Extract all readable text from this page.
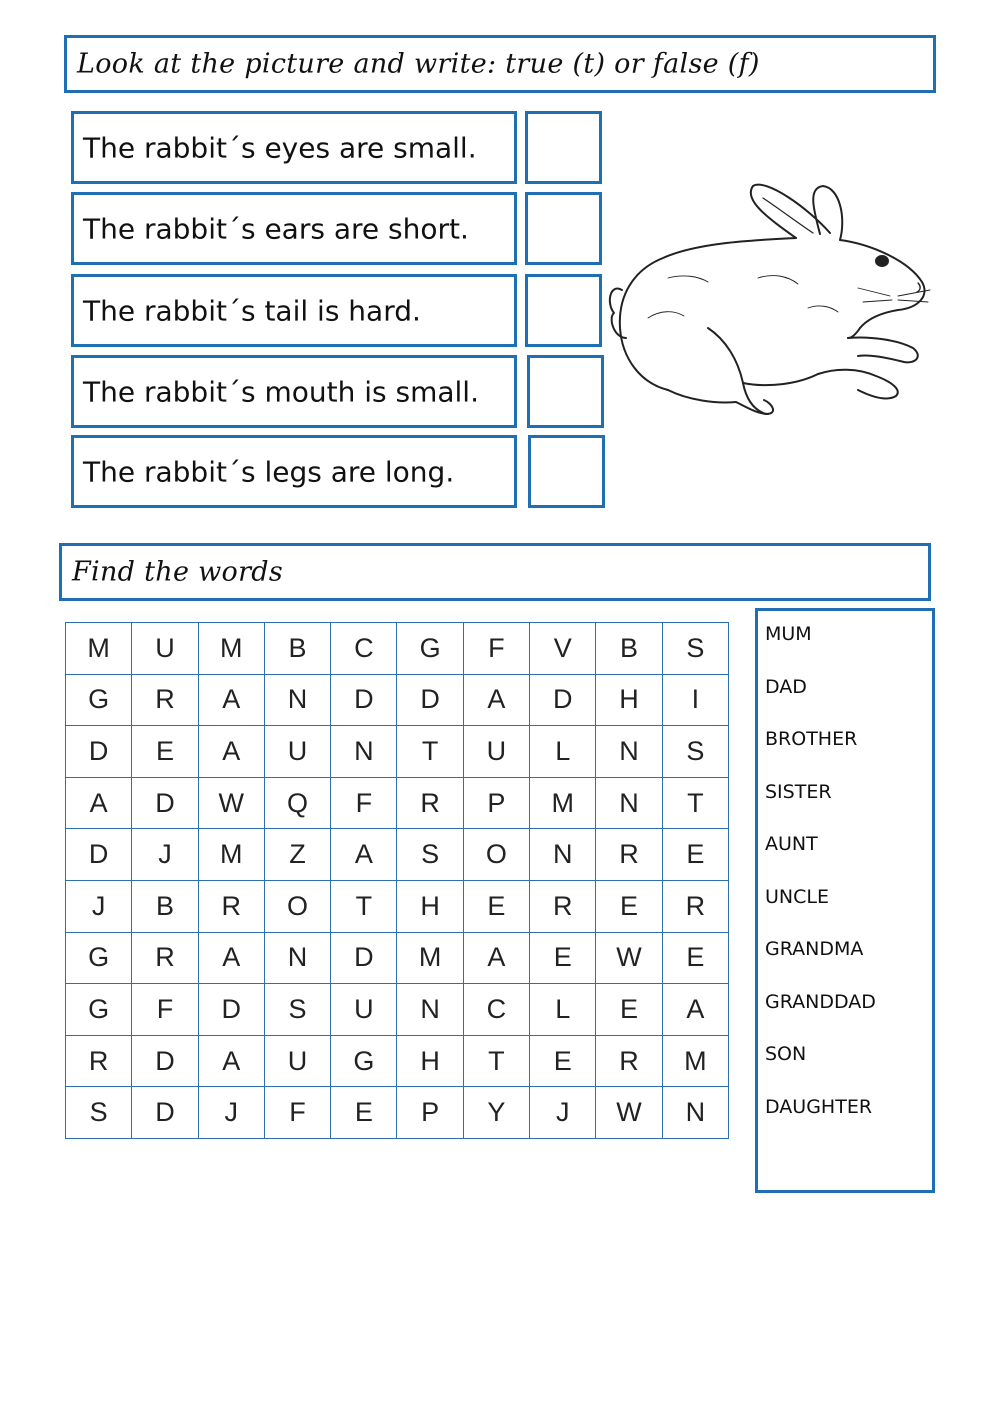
Look at the picture and write: true (t) or false (f)
The rabbit´s eyes are small.
The rabbit´s ears are short.
The rabbit´s tail is hard.
The rabbit´s mouth is small.
The rabbit´s legs are long.
Find the words
M	U	M	B	C	G	F	V	B	S
G	R	A	N	D	D	A	D	H	I
D	E	A	U	N	T	U	L	N	S
A	D	W	Q	F	R	P	M	N	T
D	J	M	Z	A	S	O	N	R	E
J	B	R	O	T	H	E	R	E	R
G	R	A	N	D	M	A	E	W	E
G	F	D	S	U	N	C	L	E	A
R	D	A	U	G	H	T	E	R	M
S	D	J	F	E	P	Y	J	W	N
MUM
DAD
BROTHER
SISTER
AUNT
UNCLE
GRANDMA
GRANDDAD
SON
DAUGHTER
